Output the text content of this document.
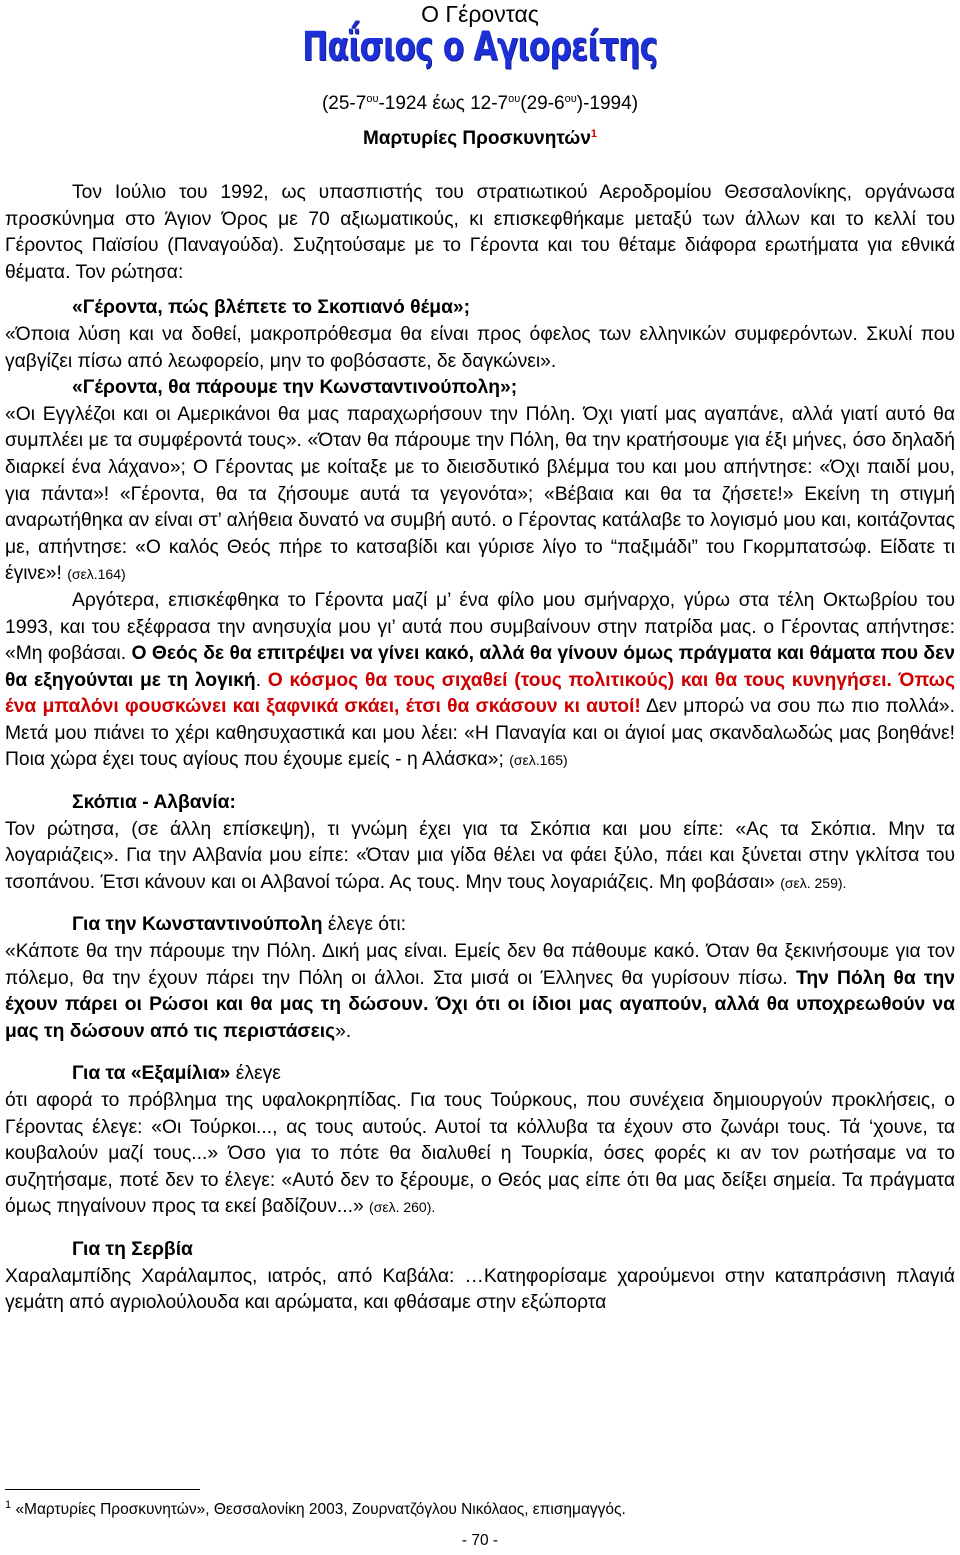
Ο Γέροντας
Παΐσιος ο Αγιορείτης
($25-7^{o\upsilon}-1924$ έως $12-7^{o\upsilon}(29-6^{o\upsilon})-1994$)
Μαρτυρίες Προσκυνητών$^1$

Τον Ιούλιο του 1992, ως υπασπιστής του στρατιωτικού Αεροδρομίου Θεσσαλονίκης, οργάνωσα προσκύνημα στο Άγιον Όρος με 70 αξιωματικούς, κι επισκεφθήκαμε μεταξύ των άλλων και το κελλί του Γέροντος Παϊσίου (Παναγούδα). Συζητούσαμε με το Γέροντα και του θέταμε διάφορα ερωτήματα για εθνικά θέματα. Τον ρώτησα:

«Γέροντα, πώς βλέπετε το Σκοπιανό θέμα»;

«Όποια λύση και να δοθεί, μακροπρόθεσμα θα είναι προς όφελος των ελληνικών συμφερόντων. Σκυλί που γαβγίζει πίσω από λεωφορείο, μην το φοβόσαστε, δε δαγκώνει».

«Γέροντα, θα πάρουμε την Κωνσταντινούπολη»;

«Οι Εγγλέζοι και οι Αμερικάνοι θα μας παραχωρήσουν την Πόλη. Όχι γιατί μας αγαπάνε, αλλά γιατί αυτό θα συμπλέει με τα συμφέροντά τους». «Όταν θα πάρουμε την Πόλη, θα την κρατήσουμε για έξι μήνες, όσο δηλαδή διαρκεί ένα λάχανο»; Ο Γέροντας με κοίταξε με το διεισδυτικό βλέμμα του και μου απήντησε: «Όχι παιδί μου, για πάντα»! «Γέροντα, θα τα ζήσουμε αυτά τα γεγονότα»; «Βέβαια και θα τα ζήσετε!» Εκείνη τη στιγμή αναρωτήθηκα αν είναι στ’ αλήθεια δυνατό να συμβή αυτό. ο Γέροντας κατάλαβε το λογισμό μου και, κοιτάζοντας με, απήντησε: «Ο καλός Θεός πήρε το κατσαβίδι και γύρισε λίγο το “παξιμάδι” του Γκορμπατσώφ. Είδατε τι έγινε»! (σελ.164)

Αργότερα, επισκέφθηκα το Γέροντα μαζί μ’ ένα φίλο μου σμήναρχο, γύρω στα τέλη Οκτωβρίου του 1993, και του εξέφρασα την ανησυχία μου γι’ αυτά που συμβαίνουν στην πατρίδα μας. ο Γέροντας απήντησε: «Μη φοβάσαι. Ο Θεός δε θα επιτρέψει να γίνει κακό, αλλά θα γίνουν όμως πράγματα και θάματα που δεν θα εξηγούνται με τη λογική. Ο κόσμος θα τους σιχαθεί (τους πολιτικούς) και θα τους κυνηγήσει. Όπως ένα μπαλόνι φουσκώνει και ξαφνικά σκάει, έτσι θα σκάσουν κι αυτοί! Δεν μπορώ να σου πω πιο πολλά». Μετά μου πιάνει το χέρι καθησυχαστικά και μου λέει: «Η Παναγία και οι άγιοί μας σκανδαλωδώς μας βοηθάνε! Ποια χώρα έχει τους αγίους που έχουμε εμείς - η Αλάσκα»; (σελ.165)

Σκόπια - Αλβανία:

Τον ρώτησα, (σε άλλη επίσκεψη), τι γνώμη έχει για τα Σκόπια και μου είπε: «Ας τα Σκόπια. Μην τα λογαριάζεις». Για την Αλβανία μου είπε: «Όταν μια γίδα θέλει να φάει ξύλο, πάει και ξύνεται στην γκλίτσα του τσοπάνου. Έτσι κάνουν και οι Αλβανοί τώρα. Ας τους. Μην τους λογαριάζεις. Μη φοβάσαι» (σελ. 259).

Για την Κωνσταντινούπολη έλεγε ότι:

«Κάποτε θα την πάρουμε την Πόλη. Δική μας είναι. Εμείς δεν θα πάθουμε κακό. Όταν θα ξεκινήσουμε για τον πόλεμο, θα την έχουν πάρει την Πόλη οι άλλοι. Στα μισά οι Έλληνες θα γυρίσουν πίσω. Την Πόλη θα την έχουν πάρει οι Ρώσοι και θα μας τη δώσουν. Όχι ότι οι ίδιοι μας αγαπούν, αλλά θα υποχρεωθούν να μας τη δώσουν από τις περιστάσεις».

Για τα «Εξαμίλια» έλεγε

ότι αφορά το πρόβλημα της υφαλοκρηπίδας. Για τους Τούρκους, που συνέχεια δημιουργούν προκλήσεις, ο Γέροντας έλεγε: «Οι Τούρκοι..., ας τους αυτούς. Αυτοί τα κόλλυβα τα έχουν στο ζωνάρι τους. Τά ‘χουνε, τα κουβαλούν μαζί τους...» Όσο για το πότε θα διαλυθεί η Τουρκία, όσες φορές κι αν τον ρωτήσαμε να το συζητήσαμε, ποτέ δεν το έλεγε: «Αυτό δεν το ξέρουμε, ο Θεός μας είπε ότι θα μας δείξει σημεία. Τα πράγματα όμως πηγαίνουν προς τα εκεί βαδίζουν...» (σελ. 260).

Για τη Σερβία

Χαραλαμπίδης Χαράλαμπος, ιατρός, από Καβάλα: …Κατηφορίσαμε χαρούμενοι στην καταπράσινη πλαγιά γεμάτη από αγριολούλουδα και αρώματα, και φθάσαμε στην εξώπορτα

$^1$ «Μαρτυρίες Προσκυνητών», Θεσσαλονίκη 2003, Ζουρνατζόγλου Νικόλαος, επισημαγγός.
- 70 -
